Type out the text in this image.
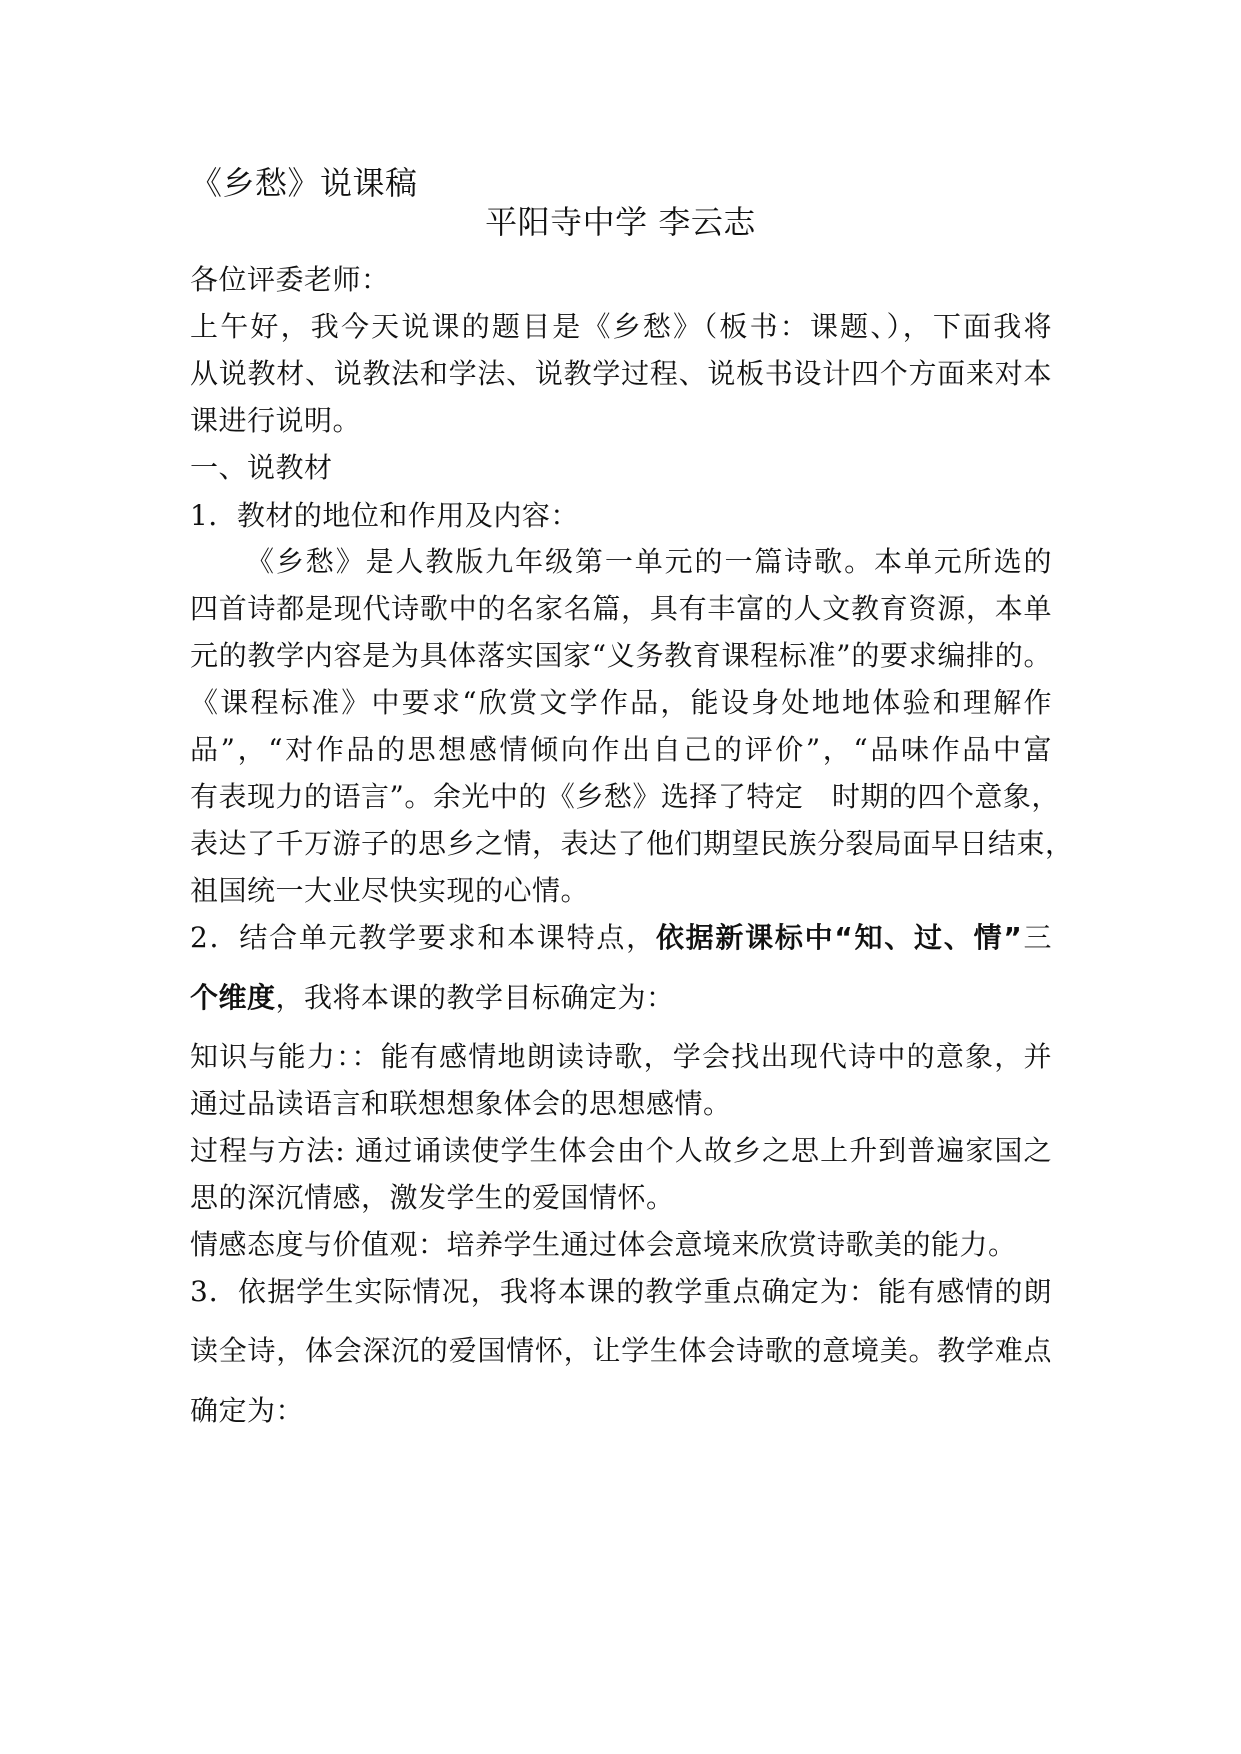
《乡愁》说课稿
平阳寺中学 李云志
各位评委老师：
上午好，我今天说课的题目是《乡愁》（板书：课题、），下面我将
从说教材、说教法和学法、说教学过程、说板书设计四个方面来对本
课进行说明。
一、说教材
1．教材的地位和作用及内容：
《乡愁》是人教版九年级第一单元的一篇诗歌。本单元所选的
四首诗都是现代诗歌中的名家名篇，具有丰富的人文教育资源，本单
元的教学内容是为具体落实国家“义务教育课程标准”的要求编排的。
《课程标准》中要求“欣赏文学作品，能设身处地地体验和理解作
品”，“对作品的思想感情倾向作出自己的评价”，“品味作品中富
有表现力的语言”。余光中的《乡愁》选择了特定　时期的四个意象，
表达了千万游子的思乡之情，表达了他们期望民族分裂局面早日结束，
祖国统一大业尽快实现的心情。
2．结合单元教学要求和本课特点，依据新课标中“知、过、情”三
个维度，我将本课的教学目标确定为：
知识与能力：：能有感情地朗读诗歌，学会找出现代诗中的意象，并
通过品读语言和联想想象体会的思想感情。
过程与方法: 通过诵读使学生体会由个人故乡之思上升到普遍家国之
思的深沉情感，激发学生的爱国情怀。
情感态度与价值观：培养学生通过体会意境来欣赏诗歌美的能力。
3．依据学生实际情况，我将本课的教学重点确定为：能有感情的朗
读全诗，体会深沉的爱国情怀，让学生体会诗歌的意境美。教学难点
确定为：
